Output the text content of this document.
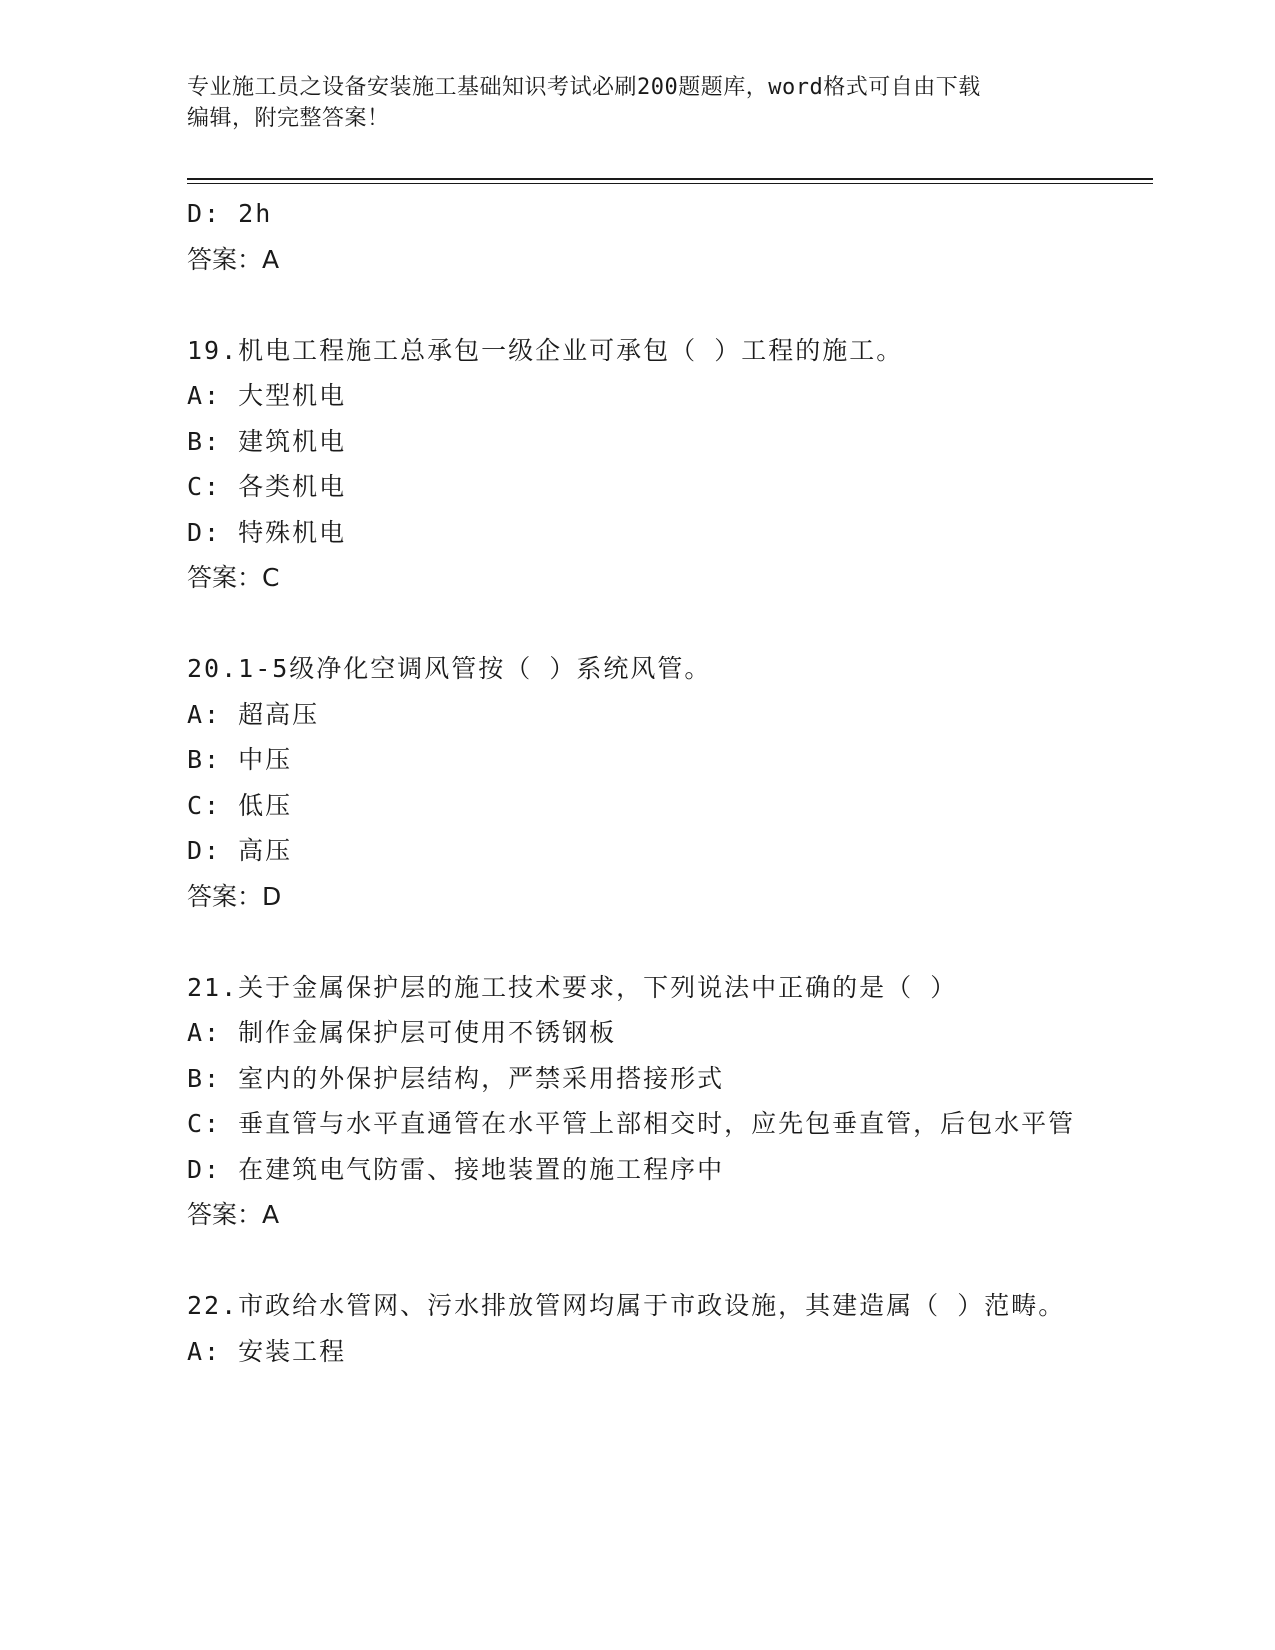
专业施工员之设备安装施工基础知识考试必刷200题题库，word格式可自由下载
编辑，附完整答案！
D: 2h
答案：A
19.机电工程施工总承包一级企业可承包（ ）工程的施工。
A: 大型机电
B: 建筑机电
C: 各类机电
D: 特殊机电
答案：C
20.1-5级净化空调风管按（ ）系统风管。
A: 超高压
B: 中压
C: 低压
D: 高压
答案：D
21.关于金属保护层的施工技术要求，下列说法中正确的是（ ）
A: 制作金属保护层可使用不锈钢板
B: 室内的外保护层结构，严禁采用搭接形式
C: 垂直管与水平直通管在水平管上部相交时，应先包垂直管，后包水平管
D: 在建筑电气防雷、接地装置的施工程序中
答案：A
22.市政给水管网、污水排放管网均属于市政设施，其建造属（ ）范畴。
A: 安装工程
